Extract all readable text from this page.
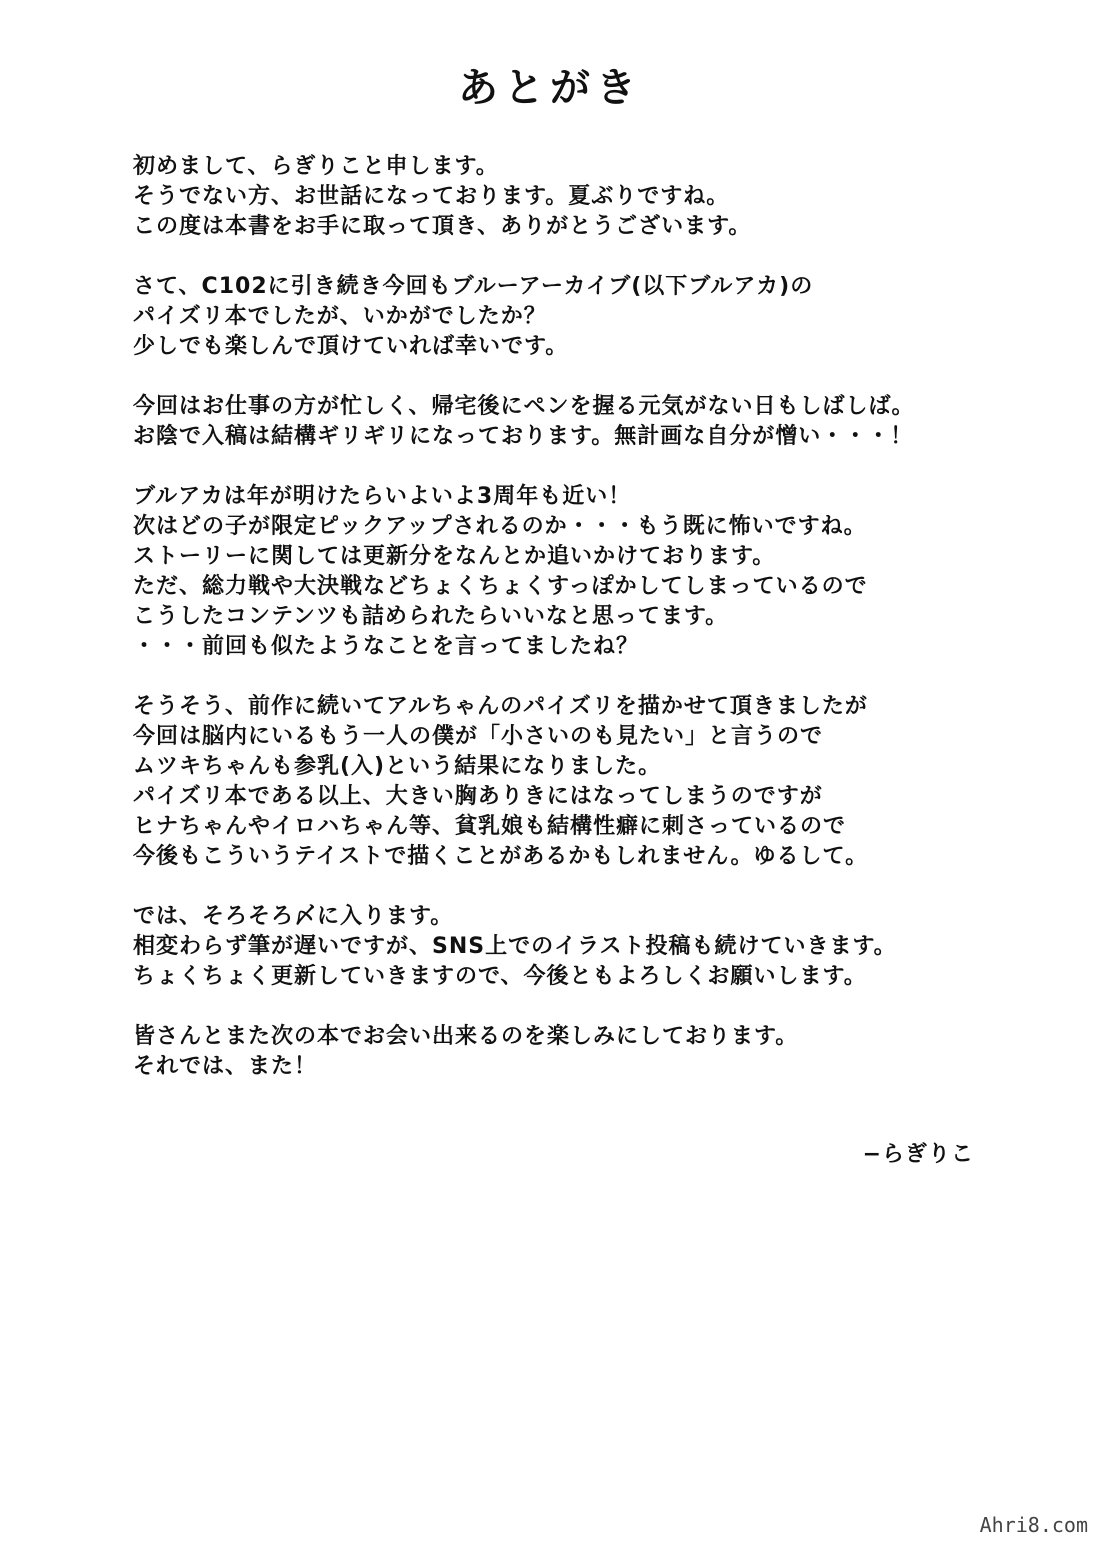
あとがき
初めまして、らぎりこと申します。
そうでない方、お世話になっております。夏ぶりですね。
この度は本書をお手に取って頂き、ありがとうございます。
さて、C102に引き続き今回もブルーアーカイブ(以下ブルアカ)の
パイズリ本でしたが、いかがでしたか？
少しでも楽しんで頂けていれば幸いです。
今回はお仕事の方が忙しく、帰宅後にペンを握る元気がない日もしばしば。
お陰で入稿は結構ギリギリになっております。無計画な自分が憎い・・・！
ブルアカは年が明けたらいよいよ3周年も近い！
次はどの子が限定ピックアップされるのか・・・もう既に怖いですね。
ストーリーに関しては更新分をなんとか追いかけております。
ただ、総力戦や大決戦などちょくちょくすっぽかしてしまっているので
こうしたコンテンツも詰められたらいいなと思ってます。
・・・前回も似たようなことを言ってましたね？
そうそう、前作に続いてアルちゃんのパイズリを描かせて頂きましたが
今回は脳内にいるもう一人の僕が「小さいのも見たい」と言うので
ムツキちゃんも参乳(入)という結果になりました。
パイズリ本である以上、大きい胸ありきにはなってしまうのですが
ヒナちゃんやイロハちゃん等、貧乳娘も結構性癖に刺さっているので
今後もこういうテイストで描くことがあるかもしれません。ゆるして。
では、そろそろ〆に入ります。
相変わらず筆が遅いですが、SNS上でのイラスト投稿も続けていきます。
ちょくちょく更新していきますので、今後ともよろしくお願いします。
皆さんとまた次の本でお会い出来るのを楽しみにしております。
それでは、また！
−らぎりこ
Ahri8.com
